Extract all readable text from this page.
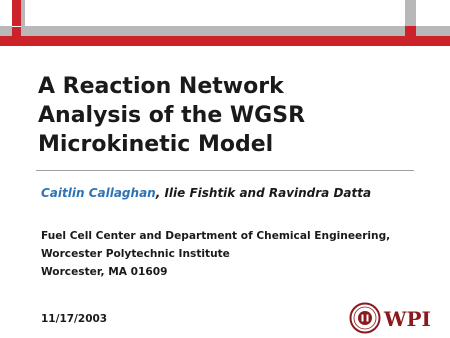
A Reaction Network
Analysis of the WGSR
Microkinetic Model
Caitlin Callaghan, Ilie Fishtik and Ravindra Datta
Fuel Cell Center and Department of Chemical Engineering,
Worcester Polytechnic Institute
Worcester, MA 01609
11/17/2003	WPI
